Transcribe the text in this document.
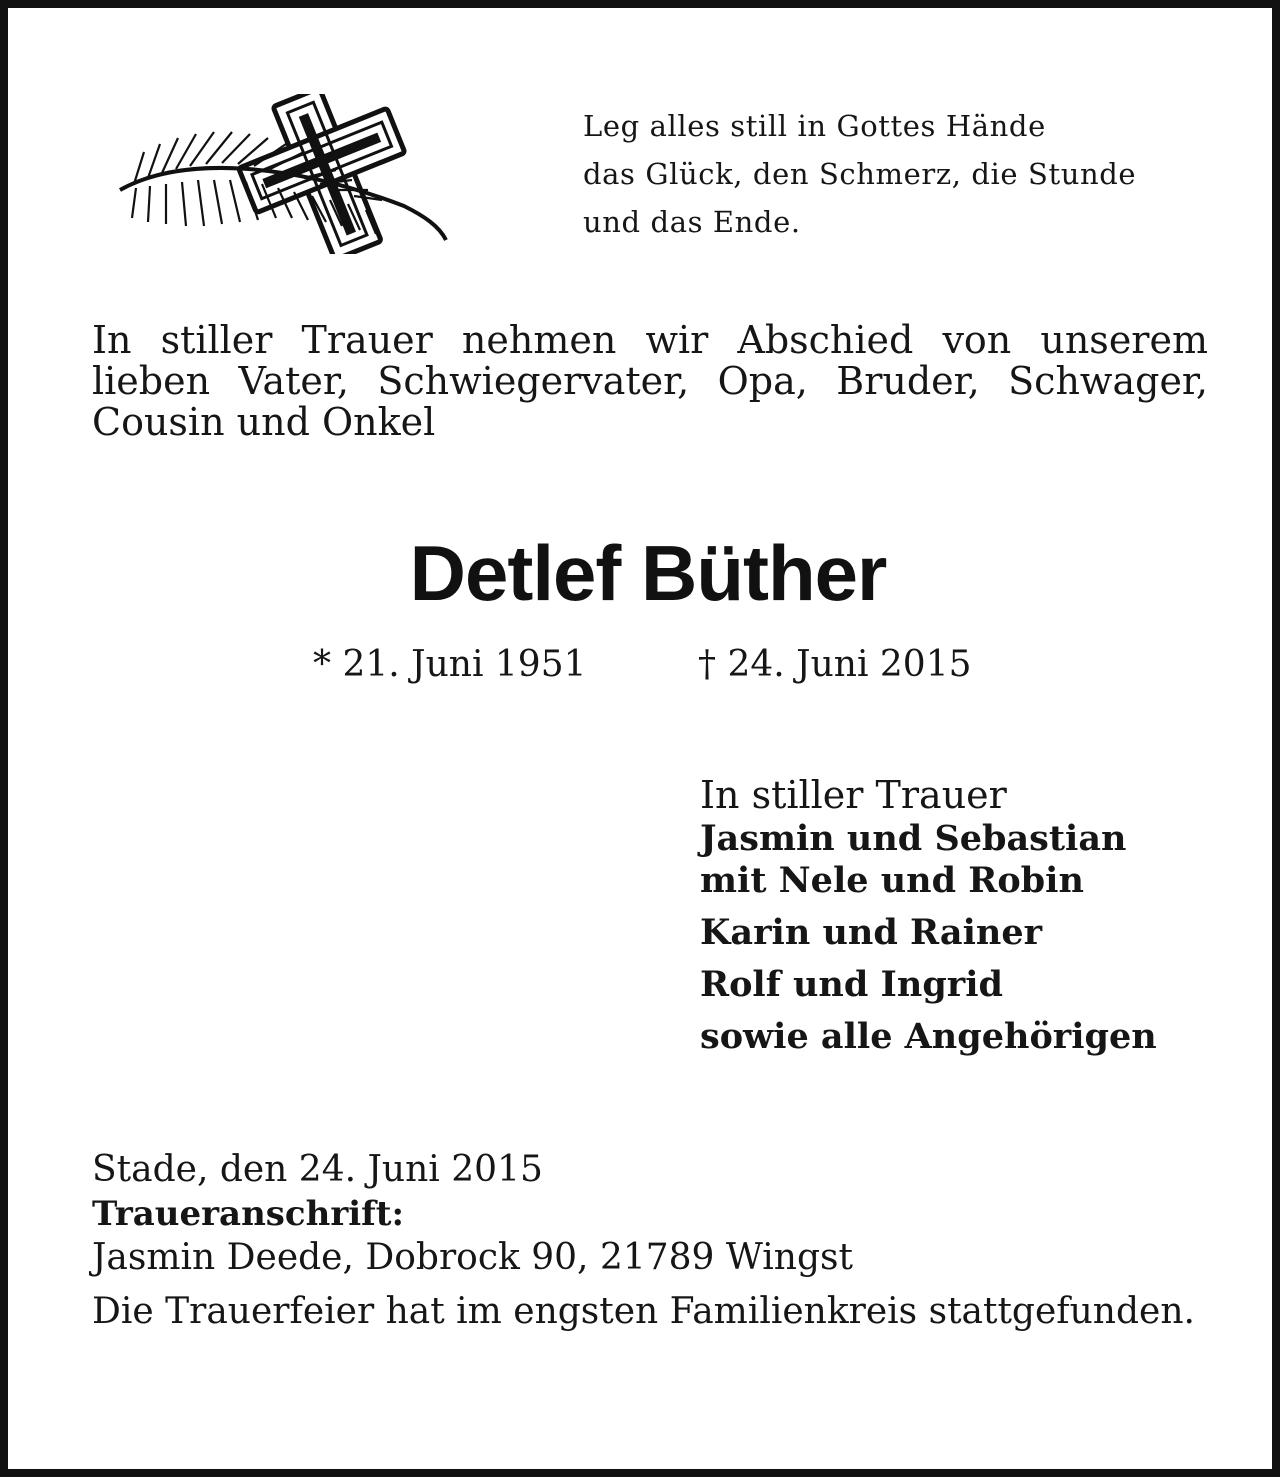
Leg alles still in Gottes Hände
das Glück, den Schmerz, die Stunde
und das Ende.
In stiller Trauer nehmen wir Abschied von unserem lieben Vater, Schwiegervater, Opa, Bruder, Schwager, Cousin und Onkel
Detlef Büther
* 21. Juni 1951	† 24. Juni 2015
In stiller Trauer
Jasmin und Sebastian
mit Nele und Robin
Karin und Rainer
Rolf und Ingrid
sowie alle Angehörigen
Stade, den 24. Juni 2015
Traueranschrift:
Jasmin Deede, Dobrock 90, 21789 Wingst
Die Trauerfeier hat im engsten Familienkreis stattgefunden.
